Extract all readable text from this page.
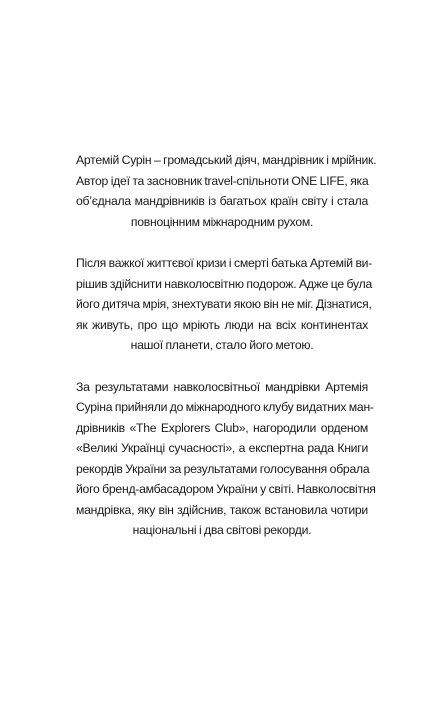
Артемій Сурін – громадський діяч, мандрівник і мрійник.
Автор ідеї та засновник travel-спільноти ONE LIFE, яка
об’єднала мандрівників із багатьох країн світу і стала
повноцінним міжнародним рухом.

Після важкої життєвої кризи і смерті батька Артемій ви-
рішив здійснити навколосвітню подорож. Адже це була
його дитяча мрія, знехтувати якою він не міг. Дізнатися,
як живуть, про що мріють люди на всіх континентах
нашої планети, стало його метою.

За результатами навколосвітньої мандрівки Артемія
Суріна прийняли до міжнародного клубу видатних ман-
дрівників «The Explorers Club», нагородили орденом
«Великі Українці сучасності», а експертна рада Книги
рекордів України за результатами голосування обрала
його бренд-амбасадором України у світі. Навколосвітня
мандрівка, яку він здійснив, також встановила чотири
національні і два світові рекорди.
